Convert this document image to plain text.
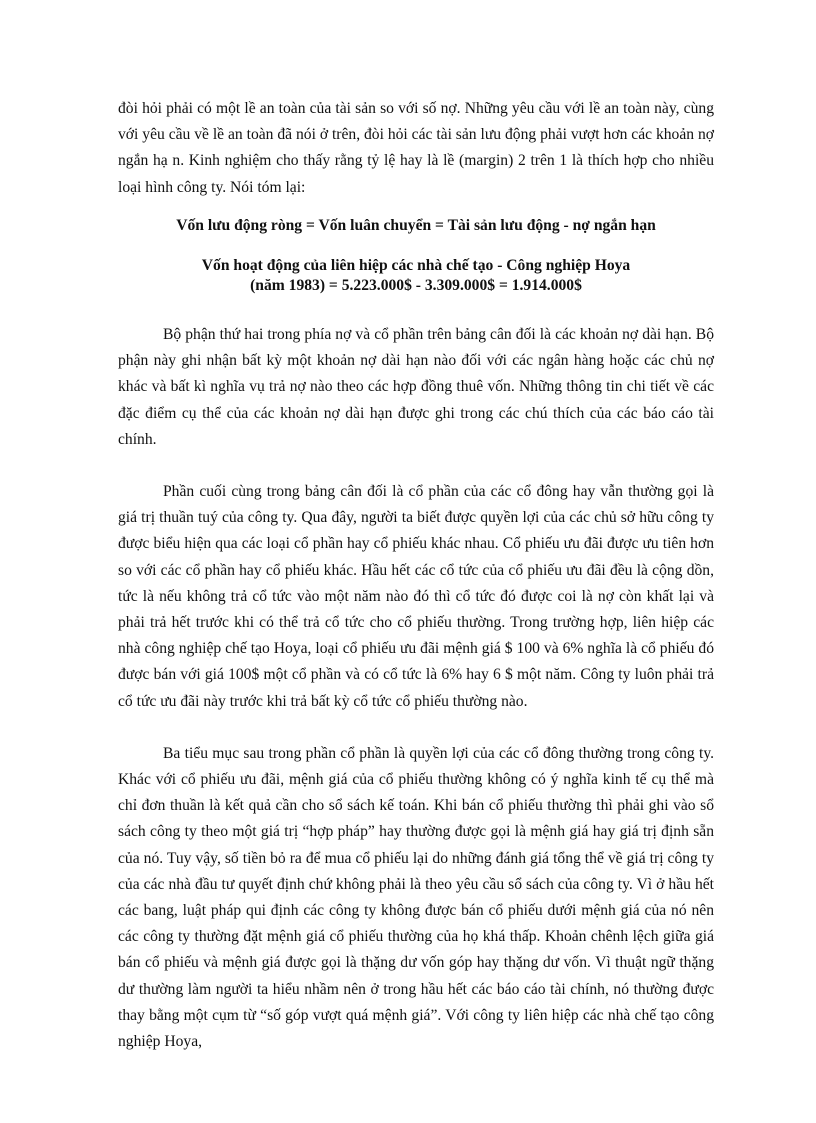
đòi hỏi phải có một lề an toàn của tài sản so với số nợ. Những yêu cầu với lề an toàn này, cùng với yêu cầu về lề an toàn đã nói ở trên, đòi hỏi các tài sản lưu động phải vượt hơn các khoản nợ ngắn hạ n. Kinh nghiệm cho thấy rằng tỷ lệ hay là lề (margin) 2 trên 1 là thích hợp cho nhiều loại hình công ty. Nói tóm lại:

Vốn lưu động ròng = Vốn luân chuyển = Tài sản lưu động - nợ ngắn hạn

Vốn hoạt động của liên hiệp các nhà chế tạo - Công nghiệp Hoya
(năm 1983) = 5.223.000$ - 3.309.000$ = 1.914.000$

Bộ phận thứ hai trong phía nợ và cổ phần trên bảng cân đối là các khoản nợ dài hạn. Bộ phận này ghi nhận bất kỳ một khoản nợ dài hạn nào đối với các ngân hàng hoặc các chủ nợ khác và bất kì nghĩa vụ trả nợ nào theo các hợp đồng thuê vốn. Những thông tin chi tiết về các đặc điểm cụ thể của các khoản nợ dài hạn được ghi trong các chú thích của các báo cáo tài chính.

Phần cuối cùng trong bảng cân đối là cổ phần của các cổ đông hay vẫn thường gọi là giá trị thuần tuý của công ty. Qua đây, người ta biết được quyền lợi của các chủ sở hữu công ty được biểu hiện qua các loại cổ phần hay cổ phiếu khác nhau. Cổ phiếu ưu đãi được ưu tiên hơn so với các cổ phần hay cổ phiếu khác. Hầu hết các cổ tức của cổ phiếu ưu đãi đều là cộng dồn, tức là nếu không trả cổ tức vào một năm nào đó thì cổ tức đó được coi là nợ còn khất lại và phải trả hết trước khi có thể trả cổ tức cho cổ phiếu thường. Trong trường hợp, liên hiệp các nhà công nghiệp chế tạo Hoya, loại cổ phiếu ưu đãi mệnh giá $ 100 và 6% nghĩa là cổ phiếu đó được bán với giá 100$ một cổ phần và có cổ tức là 6% hay 6 $ một năm. Công ty luôn phải trả cổ tức ưu đãi này trước khi trả bất kỳ cổ tức cổ phiếu thường nào.

Ba tiểu mục sau trong phần cổ phần là quyền lợi của các cổ đông thường trong công ty. Khác với cổ phiếu ưu đãi, mệnh giá của cổ phiếu thường không có ý nghĩa kinh tế cụ thể mà chỉ đơn thuần là kết quả cần cho sổ sách kế toán. Khi bán cổ phiếu thường thì phải ghi vào sổ sách công ty theo một giá trị “hợp pháp” hay thường được gọi là mệnh giá hay giá trị định sẵn của nó. Tuy vậy, số tiền bỏ ra để mua cổ phiếu lại do những đánh giá tổng thể về giá trị công ty của các nhà đầu tư quyết định chứ không phải là theo yêu cầu sổ sách của công ty. Vì ở hầu hết các bang, luật pháp qui định các công ty không được bán cổ phiếu dưới mệnh giá của nó nên các công ty thường đặt mệnh giá cổ phiếu thường của họ khá thấp. Khoản chênh lệch giữa giá bán cổ phiếu và mệnh giá được gọi là thặng dư vốn góp hay thặng dư vốn. Vì thuật ngữ thặng dư thường làm người ta hiểu nhầm nên ở trong hầu hết các báo cáo tài chính, nó thường được thay bằng một cụm từ “số góp vượt quá mệnh giá”. Với công ty liên hiệp các nhà chế tạo công nghiệp Hoya,
